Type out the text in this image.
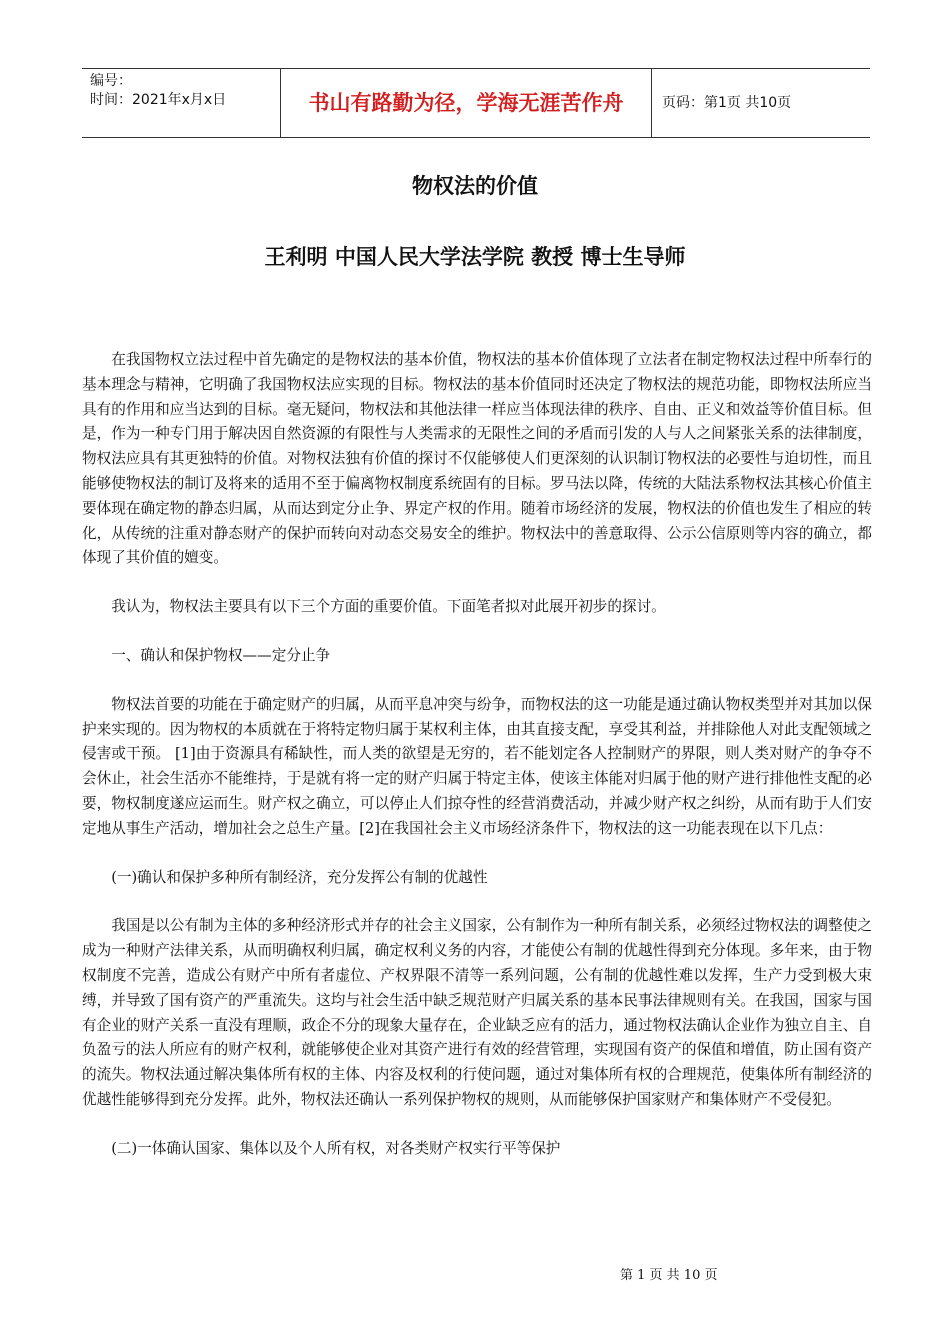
编号：
时间：2021年x月x日	书山有路勤为径，学海无涯苦作舟	页码：第1页 共10页
物权法的价值
王利明 中国人民大学法学院 教授 博士生导师

在我国物权立法过程中首先确定的是物权法的基本价值，物权法的基本价值体现了立法者在制定物权法过程中所奉行的基本理念与精神，它明确了我国物权法应实现的目标。物权法的基本价值同时还决定了物权法的规范功能，即物权法所应当具有的作用和应当达到的目标。毫无疑问，物权法和其他法律一样应当体现法律的秩序、自由、正义和效益等价值目标。但是，作为一种专门用于解决因自然资源的有限性与人类需求的无限性之间的矛盾而引发的人与人之间紧张关系的法律制度，物权法应具有其更独特的价值。对物权法独有价值的探讨不仅能够使人们更深刻的认识制订物权法的必要性与迫切性，而且能够使物权法的制订及将来的适用不至于偏离物权制度系统固有的目标。罗马法以降，传统的大陆法系物权法其核心价值主要体现在确定物的静态归属，从而达到定分止争、界定产权的作用。随着市场经济的发展，物权法的价值也发生了相应的转化，从传统的注重对静态财产的保护而转向对动态交易安全的维护。物权法中的善意取得、公示公信原则等内容的确立，都体现了其价值的嬗变。

我认为，物权法主要具有以下三个方面的重要价值。下面笔者拟对此展开初步的探讨。

一、确认和保护物权——定分止争

物权法首要的功能在于确定财产的归属，从而平息冲突与纷争，而物权法的这一功能是通过确认物权类型并对其加以保护来实现的。因为物权的本质就在于将特定物归属于某权利主体，由其直接支配，享受其利益，并排除他人对此支配领域之侵害或干预。 [1]由于资源具有稀缺性，而人类的欲望是无穷的，若不能划定各人控制财产的界限，则人类对财产的争夺不会休止，社会生活亦不能维持，于是就有将一定的财产归属于特定主体，使该主体能对归属于他的财产进行排他性支配的必要，物权制度遂应运而生。财产权之确立，可以停止人们掠夺性的经营消费活动，并减少财产权之纠纷，从而有助于人们安定地从事生产活动，增加社会之总生产量。[2]在我国社会主义市场经济条件下，物权法的这一功能表现在以下几点：

(一)确认和保护多种所有制经济，充分发挥公有制的优越性

我国是以公有制为主体的多种经济形式并存的社会主义国家，公有制作为一种所有制关系，必须经过物权法的调整使之成为一种财产法律关系，从而明确权利归属，确定权利义务的内容，才能使公有制的优越性得到充分体现。多年来，由于物权制度不完善，造成公有财产中所有者虚位、产权界限不清等一系列问题，公有制的优越性难以发挥，生产力受到极大束缚，并导致了国有资产的严重流失。这均与社会生活中缺乏规范财产归属关系的基本民事法律规则有关。在我国，国家与国有企业的财产关系一直没有理顺，政企不分的现象大量存在，企业缺乏应有的活力，通过物权法确认企业作为独立自主、自负盈亏的法人所应有的财产权利，就能够使企业对其资产进行有效的经营管理，实现国有资产的保值和增值，防止国有资产的流失。物权法通过解决集体所有权的主体、内容及权利的行使问题，通过对集体所有权的合理规范，使集体所有制经济的优越性能够得到充分发挥。此外，物权法还确认一系列保护物权的规则，从而能够保护国家财产和集体财产不受侵犯。

(二)一体确认国家、集体以及个人所有权，对各类财产权实行平等保护

第 1 页 共 10 页
